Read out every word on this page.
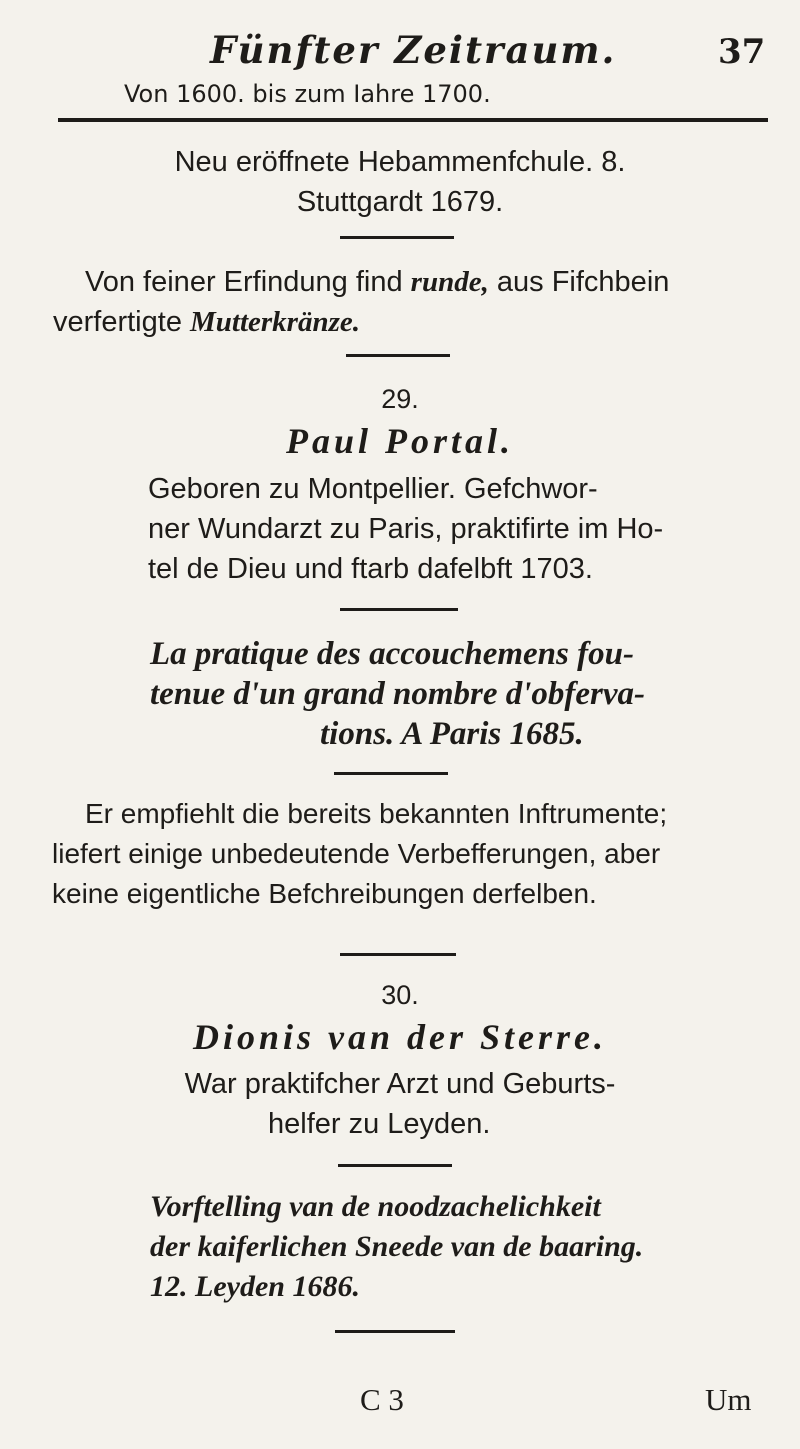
Fünfter Zeitraum.	37
Von 1600. bis zum Iahre 1700.
Neu eröffnete Hebammenfchule. 8.
Stuttgardt 1679.
Von feiner Erfindung find runde, aus Fifchbein
verfertigte Mutterkränze.
29.
Paul Portal.
Geboren zu Montpellier. Gefchwor-
ner Wundarzt zu Paris, praktifirte im Ho-
tel de Dieu und ftarb dafelbft 1703.
La pratique des accouchemens fou-
tenue d'un grand nombre d'obferva-
tions. A Paris 1685.
Er empfiehlt die bereits bekannten Inftrumente;
liefert einige unbedeutende Verbefferungen, aber
keine eigentliche Befchreibungen derfelben.
30.
Dionis van der Sterre.
War praktifcher Arzt und Geburts-
helfer zu Leyden.
Vorftelling van de noodzachelichkeit
der kaiferlichen Sneede van de baaring.
12. Leyden 1686.
C 3	Um
